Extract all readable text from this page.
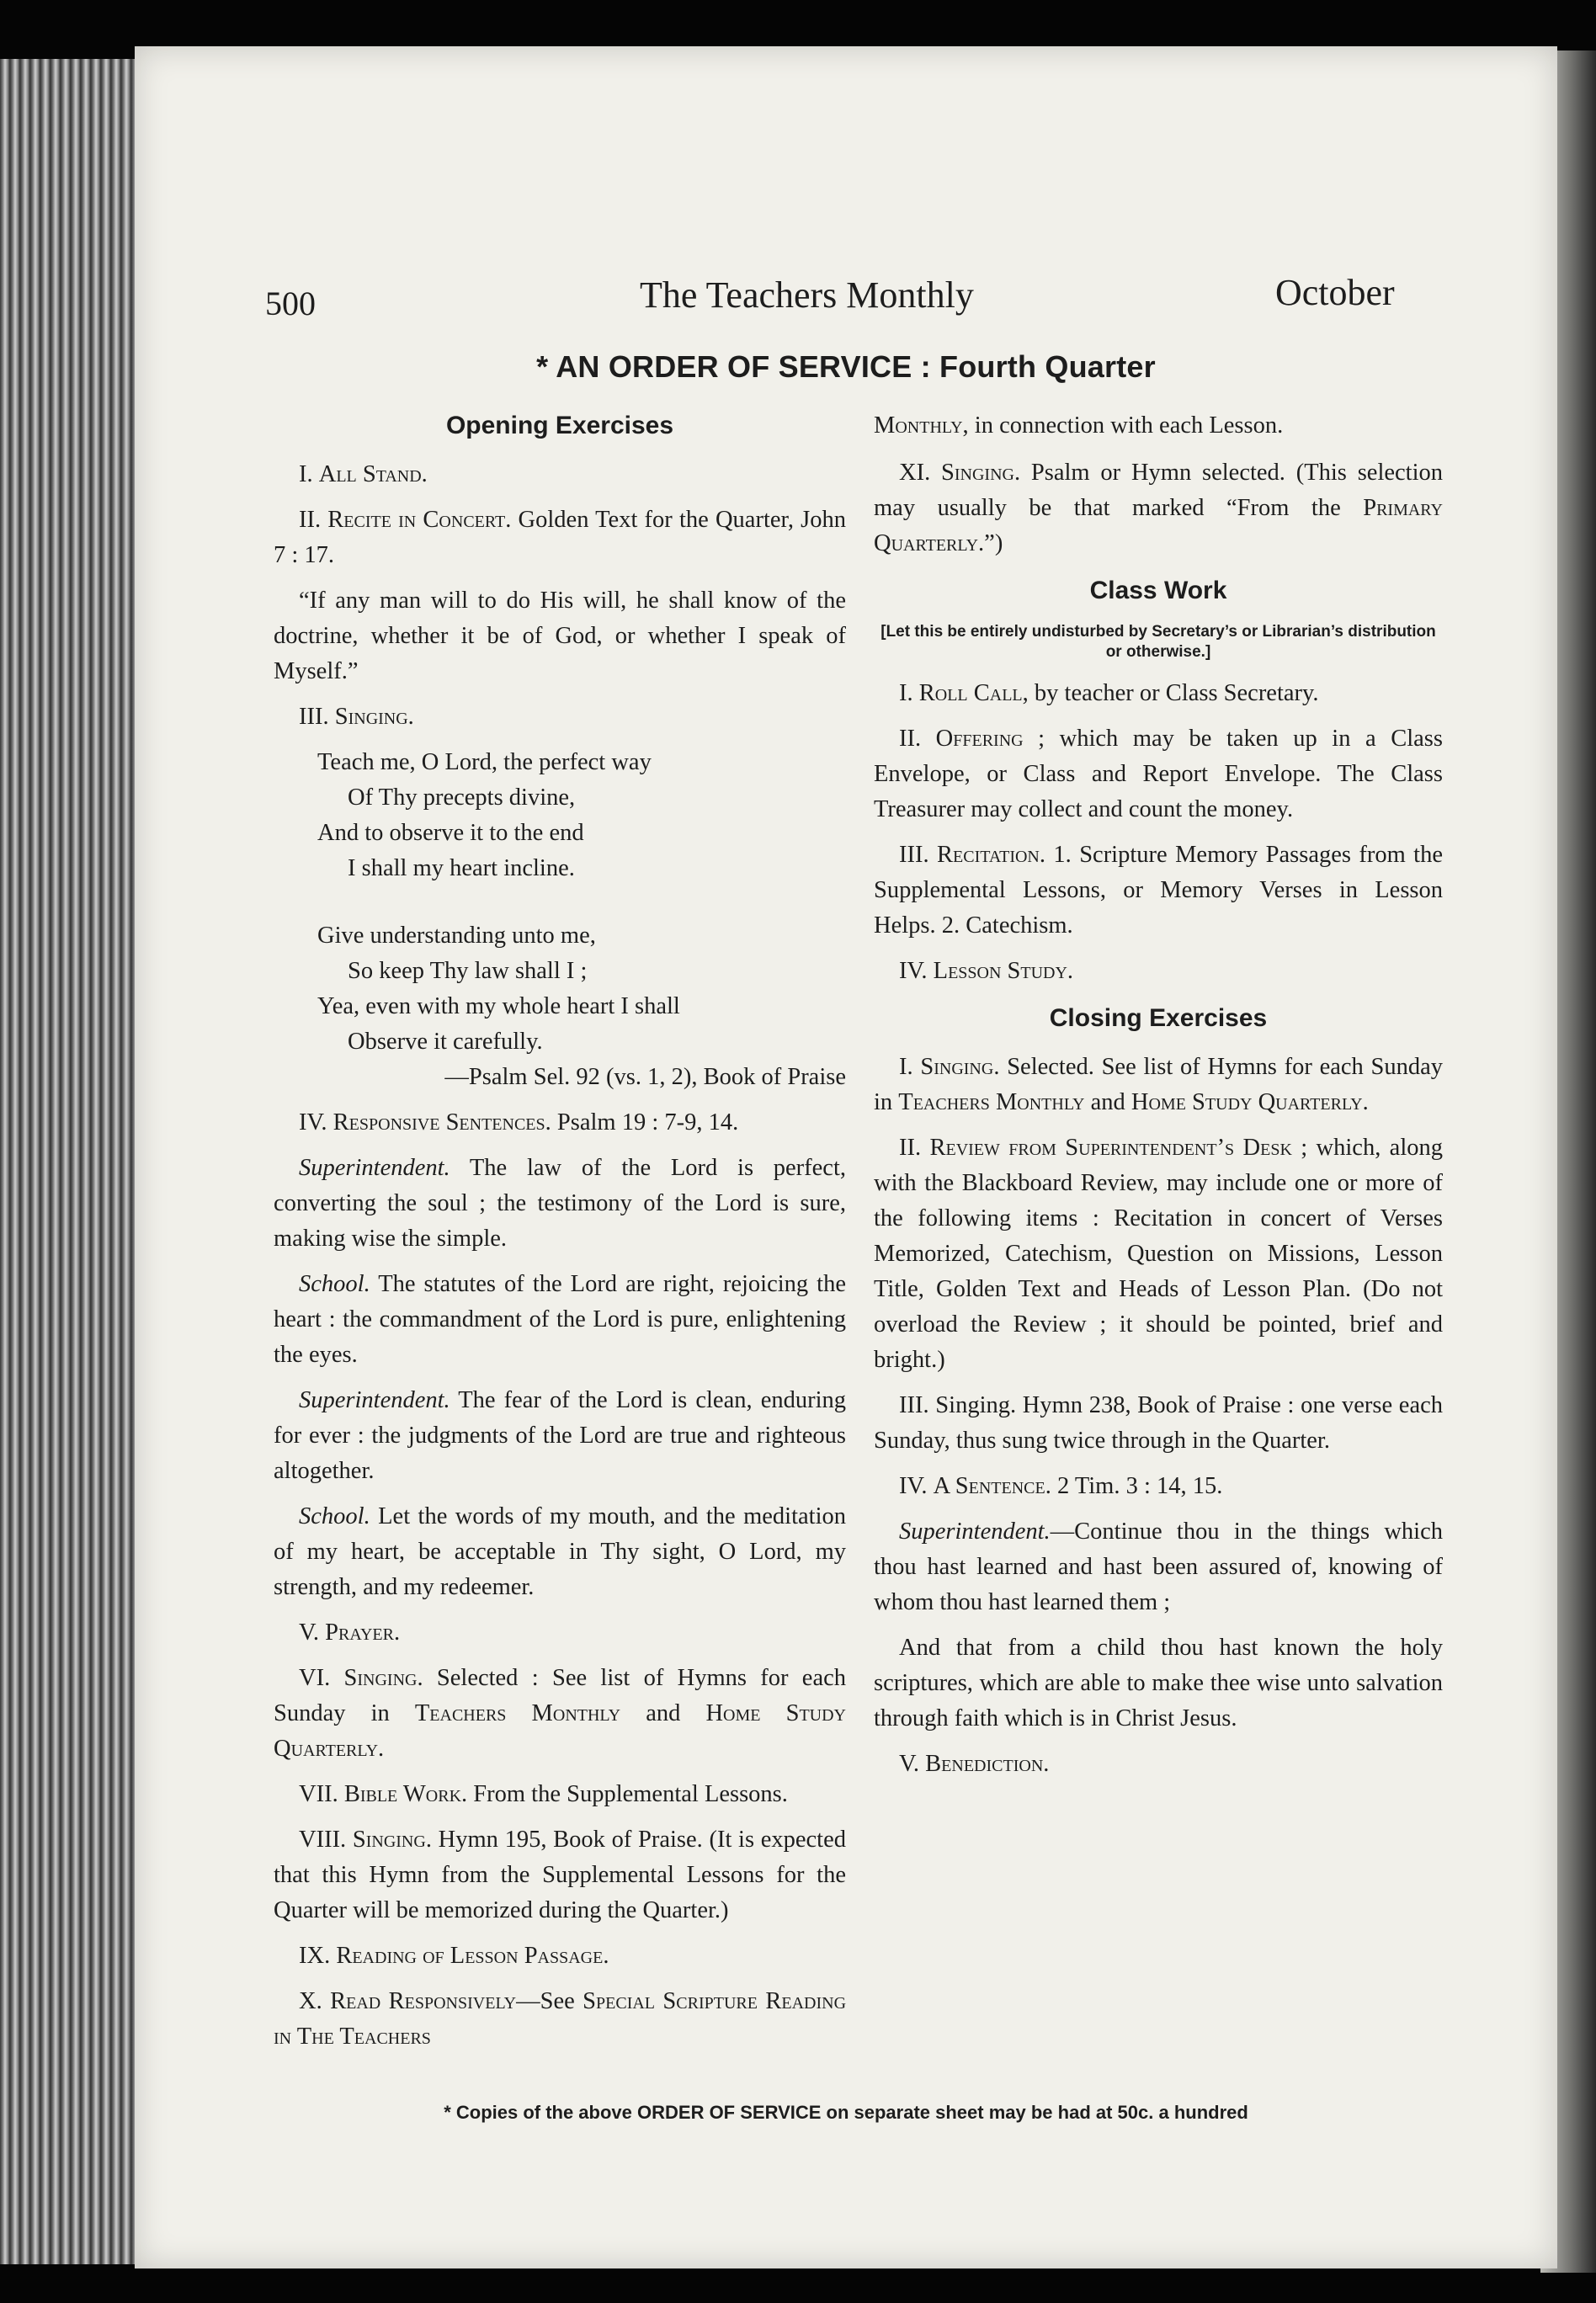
500	The Teachers Monthly	October
* AN ORDER OF SERVICE : Fourth Quarter
Opening Exercises

I. All Stand.

II. Recite in Concert. Golden Text for the Quarter, John 7 : 17.

“If any man will to do His will, he shall know of the doctrine, whether it be of God, or whether I speak of Myself.”

III. Singing.

Teach me, O Lord, the perfect way
Of Thy precepts divine,
And to observe it to the end
I shall my heart incline.
Give understanding unto me,
So keep Thy law shall I ;
Yea, even with my whole heart I shall
Observe it carefully.
—Psalm Sel. 92 (vs. 1, 2), Book of Praise

IV. Responsive Sentences. Psalm 19 : 7-9, 14.

Superintendent. The law of the Lord is perfect, converting the soul ; the testimony of the Lord is sure, making wise the simple.

School. The statutes of the Lord are right, rejoicing the heart : the commandment of the Lord is pure, enlightening the eyes.

Superintendent. The fear of the Lord is clean, enduring for ever : the judgments of the Lord are true and righteous altogether.

School. Let the words of my mouth, and the meditation of my heart, be acceptable in Thy sight, O Lord, my strength, and my redeemer.

V. Prayer.

VI. Singing. Selected : See list of Hymns for each Sunday in Teachers Monthly and Home Study Quarterly.

VII. Bible Work. From the Supplemental Lessons.

VIII. Singing. Hymn 195, Book of Praise. (It is expected that this Hymn from the Supplemental Lessons for the Quarter will be memorized during the Quarter.)

IX. Reading of Lesson Passage.

X. Read Responsively—See Special Scripture Reading in The Teachers

Monthly, in connection with each Lesson.

XI. Singing. Psalm or Hymn selected. (This selection may usually be that marked “From the Primary Quarterly.”)

Class Work
[Let this be entirely undisturbed by Secretary’s or Librarian’s distribution or otherwise.]

I. Roll Call, by teacher or Class Secretary.

II. Offering ; which may be taken up in a Class Envelope, or Class and Report Envelope. The Class Treasurer may collect and count the money.

III. Recitation. 1. Scripture Memory Passages from the Supplemental Lessons, or Memory Verses in Lesson Helps. 2. Catechism.

IV. Lesson Study.

Closing Exercises

I. Singing. Selected. See list of Hymns for each Sunday in Teachers Monthly and Home Study Quarterly.

II. Review from Superintendent’s Desk ; which, along with the Blackboard Review, may include one or more of the following items : Recitation in concert of Verses Memorized, Catechism, Question on Missions, Lesson Title, Golden Text and Heads of Lesson Plan. (Do not overload the Review ; it should be pointed, brief and bright.)

III. Singing. Hymn 238, Book of Praise : one verse each Sunday, thus sung twice through in the Quarter.

IV. A Sentence. 2 Tim. 3 : 14, 15.

Superintendent.—Continue thou in the things which thou hast learned and hast been assured of, knowing of whom thou hast learned them ;

And that from a child thou hast known the holy scriptures, which are able to make thee wise unto salvation through faith which is in Christ Jesus.

V. Benediction.

* Copies of the above ORDER OF SERVICE on separate sheet may be had at 50c. a hundred
